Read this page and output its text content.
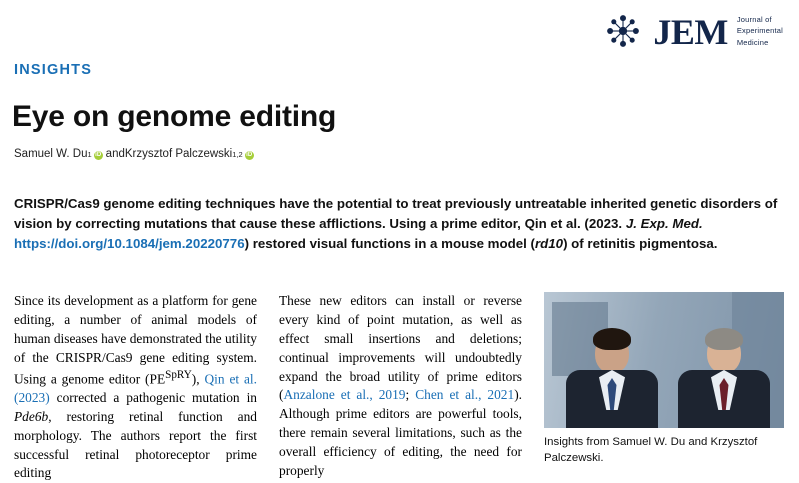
JEM Journal of
Experimental
Medicine
INSIGHTS
Eye on genome editing
Samuel W. Du 1 iD and Krzysztof Palczewski 1,2
iD
CRISPR/Cas9 genome editing techniques have the potential to treat previously untreatable inherited genetic disorders of vision by correcting mutations that cause these afflictions. Using a prime editor, Qin et al. (2023. J. Exp. Med. https://doi.org/10.1084/jem.20220776) restored visual functions in a mouse model (rd10) of retinitis pigmentosa.

Since its development as a platform for gene editing, a number of animal models of human diseases have demonstrated the utility of the CRISPR/Cas9 gene editing system. Using a genome editor $(PE^{SpRY})$, Qin et al. (2023) corrected a pathogenic mutation in Pde6b, restoring retinal function and morphology. The authors report the first successful retinal photoreceptor prime editing

These new editors can install or reverse every kind of point mutation, as well as effect small insertions and deletions; continual improvements will undoubtedly expand the broad utility of prime editors (Anzalone et al., 2019; Chen et al., 2021). Although prime editors are powerful tools, there remain several limitations, such as the overall efficiency of editing, the need for properly

Insights from Samuel W. Du and Krzysztof Palczewski.
